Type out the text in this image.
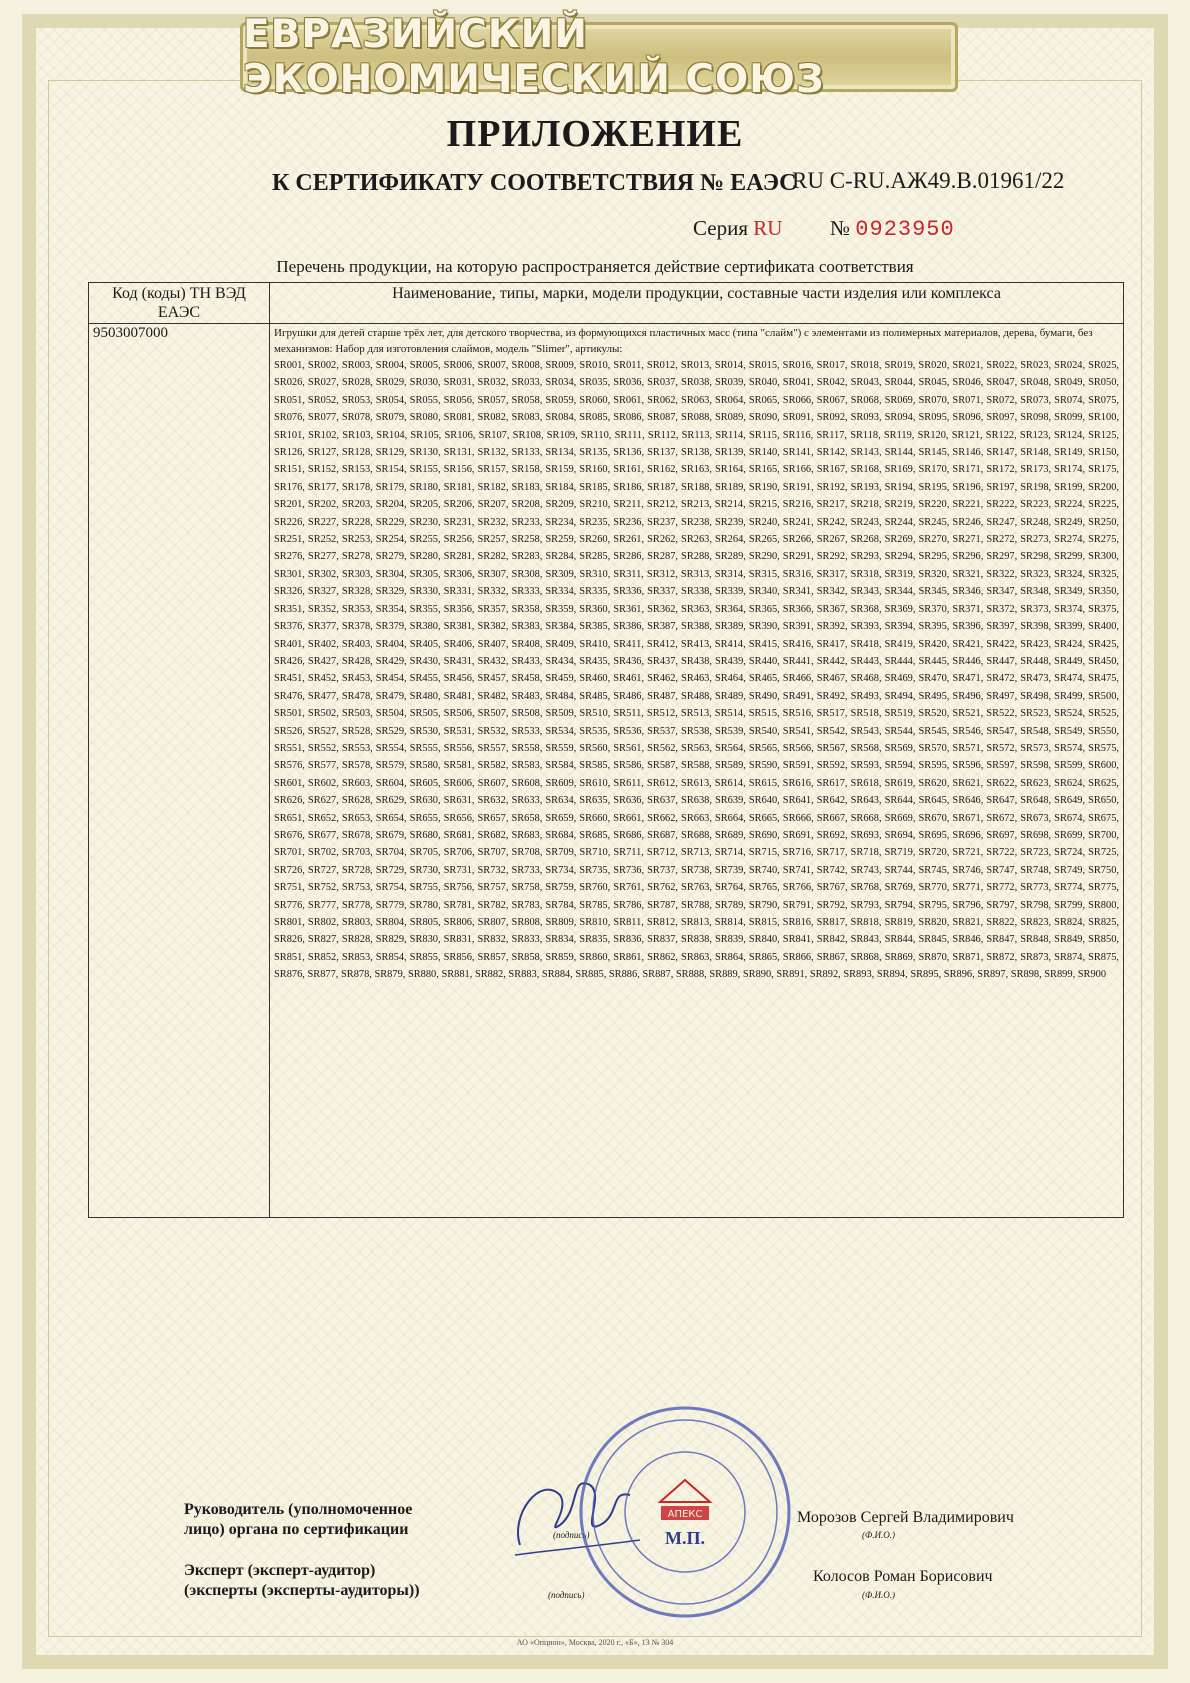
ЕВРАЗИЙСКИЙ ЭКОНОМИЧЕСКИЙ СОЮЗ
ПРИЛОЖЕНИЕ
К СЕРТИФИКАТУ СООТВЕТСТВИЯ № ЕАЭС
RU C-RU.АЖ49.В.01961/22
Серия RU № 0923950
Перечень продукции, на которую распространяется действие сертификата соответствия
Код (коды) ТН ВЭД ЕАЭС	Наименование, типы, марки, модели продукции, составные части изделия или комплекса
9503007000	Игрушки для детей старше трёх лет, для детского творчества, из формующихся пластичных масс (типа "слайм") с элементами из полимерных материалов, дерева, бумаги, без механизмов: Набор для изготовления слаймов, модель "Slimer", артикулы:
SR001, SR002, SR003, SR004, SR005, SR006, SR007, SR008, SR009, SR010, SR011, SR012, SR013, SR014, SR015, SR016, SR017, SR018, SR019, SR020, SR021, SR022, SR023, SR024, SR025, SR026, SR027, SR028, SR029, SR030, SR031, SR032, SR033, SR034, SR035, SR036, SR037, SR038, SR039, SR040, SR041, SR042, SR043, SR044, SR045, SR046, SR047, SR048, SR049, SR050, SR051, SR052, SR053, SR054, SR055, SR056, SR057, SR058, SR059, SR060, SR061, SR062, SR063, SR064, SR065, SR066, SR067, SR068, SR069, SR070, SR071, SR072, SR073, SR074, SR075, SR076, SR077, SR078, SR079, SR080, SR081, SR082, SR083, SR084, SR085, SR086, SR087, SR088, SR089, SR090, SR091, SR092, SR093, SR094, SR095, SR096, SR097, SR098, SR099, SR100, SR101, SR102, SR103, SR104, SR105, SR106, SR107, SR108, SR109, SR110, SR111, SR112, SR113, SR114, SR115, SR116, SR117, SR118, SR119, SR120, SR121, SR122, SR123, SR124, SR125, SR126, SR127, SR128, SR129, SR130, SR131, SR132, SR133, SR134, SR135, SR136, SR137, SR138, SR139, SR140, SR141, SR142, SR143, SR144, SR145, SR146, SR147, SR148, SR149, SR150, SR151, SR152, SR153, SR154, SR155, SR156, SR157, SR158, SR159, SR160, SR161, SR162, SR163, SR164, SR165, SR166, SR167, SR168, SR169, SR170, SR171, SR172, SR173, SR174, SR175, SR176, SR177, SR178, SR179, SR180, SR181, SR182, SR183, SR184, SR185, SR186, SR187, SR188, SR189, SR190, SR191, SR192, SR193, SR194, SR195, SR196, SR197, SR198, SR199, SR200, SR201, SR202, SR203, SR204, SR205, SR206, SR207, SR208, SR209, SR210, SR211, SR212, SR213, SR214, SR215, SR216, SR217, SR218, SR219, SR220, SR221, SR222, SR223, SR224, SR225, SR226, SR227, SR228, SR229, SR230, SR231, SR232, SR233, SR234, SR235, SR236, SR237, SR238, SR239, SR240, SR241, SR242, SR243, SR244, SR245, SR246, SR247, SR248, SR249, SR250, SR251, SR252, SR253, SR254, SR255, SR256, SR257, SR258, SR259, SR260, SR261, SR262, SR263, SR264, SR265, SR266, SR267, SR268, SR269, SR270, SR271, SR272, SR273, SR274, SR275, SR276, SR277, SR278, SR279, SR280, SR281, SR282, SR283, SR284, SR285, SR286, SR287, SR288, SR289, SR290, SR291, SR292, SR293, SR294, SR295, SR296, SR297, SR298, SR299, SR300, SR301, SR302, SR303, SR304, SR305, SR306, SR307, SR308, SR309, SR310, SR311, SR312, SR313, SR314, SR315, SR316, SR317, SR318, SR319, SR320, SR321, SR322, SR323, SR324, SR325, SR326, SR327, SR328, SR329, SR330, SR331, SR332, SR333, SR334, SR335, SR336, SR337, SR338, SR339, SR340, SR341, SR342, SR343, SR344, SR345, SR346, SR347, SR348, SR349, SR350, SR351, SR352, SR353, SR354, SR355, SR356, SR357, SR358, SR359, SR360, SR361, SR362, SR363, SR364, SR365, SR366, SR367, SR368, SR369, SR370, SR371, SR372, SR373, SR374, SR375, SR376, SR377, SR378, SR379, SR380, SR381, SR382, SR383, SR384, SR385, SR386, SR387, SR388, SR389, SR390, SR391, SR392, SR393, SR394, SR395, SR396, SR397, SR398, SR399, SR400, SR401, SR402, SR403, SR404, SR405, SR406, SR407, SR408, SR409, SR410, SR411, SR412, SR413, SR414, SR415, SR416, SR417, SR418, SR419, SR420, SR421, SR422, SR423, SR424, SR425, SR426, SR427, SR428, SR429, SR430, SR431, SR432, SR433, SR434, SR435, SR436, SR437, SR438, SR439, SR440, SR441, SR442, SR443, SR444, SR445, SR446, SR447, SR448, SR449, SR450, SR451, SR452, SR453, SR454, SR455, SR456, SR457, SR458, SR459, SR460, SR461, SR462, SR463, SR464, SR465, SR466, SR467, SR468, SR469, SR470, SR471, SR472, SR473, SR474, SR475, SR476, SR477, SR478, SR479, SR480, SR481, SR482, SR483, SR484, SR485, SR486, SR487, SR488, SR489, SR490, SR491, SR492, SR493, SR494, SR495, SR496, SR497, SR498, SR499, SR500, SR501, SR502, SR503, SR504, SR505, SR506, SR507, SR508, SR509, SR510, SR511, SR512, SR513, SR514, SR515, SR516, SR517, SR518, SR519, SR520, SR521, SR522, SR523, SR524, SR525, SR526, SR527, SR528, SR529, SR530, SR531, SR532, SR533, SR534, SR535, SR536, SR537, SR538, SR539, SR540, SR541, SR542, SR543, SR544, SR545, SR546, SR547, SR548, SR549, SR550, SR551, SR552, SR553, SR554, SR555, SR556, SR557, SR558, SR559, SR560, SR561, SR562, SR563, SR564, SR565, SR566, SR567, SR568, SR569, SR570, SR571, SR572, SR573, SR574, SR575, SR576, SR577, SR578, SR579, SR580, SR581, SR582, SR583, SR584, SR585, SR586, SR587, SR588, SR589, SR590, SR591, SR592, SR593, SR594, SR595, SR596, SR597, SR598, SR599, SR600, SR601, SR602, SR603, SR604, SR605, SR606, SR607, SR608, SR609, SR610, SR611, SR612, SR613, SR614, SR615, SR616, SR617, SR618, SR619, SR620, SR621, SR622, SR623, SR624, SR625, SR626, SR627, SR628, SR629, SR630, SR631, SR632, SR633, SR634, SR635, SR636, SR637, SR638, SR639, SR640, SR641, SR642, SR643, SR644, SR645, SR646, SR647, SR648, SR649, SR650, SR651, SR652, SR653, SR654, SR655, SR656, SR657, SR658, SR659, SR660, SR661, SR662, SR663, SR664, SR665, SR666, SR667, SR668, SR669, SR670, SR671, SR672, SR673, SR674, SR675, SR676, SR677, SR678, SR679, SR680, SR681, SR682, SR683, SR684, SR685, SR686, SR687, SR688, SR689, SR690, SR691, SR692, SR693, SR694, SR695, SR696, SR697, SR698, SR699, SR700, SR701, SR702, SR703, SR704, SR705, SR706, SR707, SR708, SR709, SR710, SR711, SR712, SR713, SR714, SR715, SR716, SR717, SR718, SR719, SR720, SR721, SR722, SR723, SR724, SR725, SR726, SR727, SR728, SR729, SR730, SR731, SR732, SR733, SR734, SR735, SR736, SR737, SR738, SR739, SR740, SR741, SR742, SR743, SR744, SR745, SR746, SR747, SR748, SR749, SR750, SR751, SR752, SR753, SR754, SR755, SR756, SR757, SR758, SR759, SR760, SR761, SR762, SR763, SR764, SR765, SR766, SR767, SR768, SR769, SR770, SR771, SR772, SR773, SR774, SR775, SR776, SR777, SR778, SR779, SR780, SR781, SR782, SR783, SR784, SR785, SR786, SR787, SR788, SR789, SR790, SR791, SR792, SR793, SR794, SR795, SR796, SR797, SR798, SR799, SR800, SR801, SR802, SR803, SR804, SR805, SR806, SR807, SR808, SR809, SR810, SR811, SR812, SR813, SR814, SR815, SR816, SR817, SR818, SR819, SR820, SR821, SR822, SR823, SR824, SR825, SR826, SR827, SR828, SR829, SR830, SR831, SR832, SR833, SR834, SR835, SR836, SR837, SR838, SR839, SR840, SR841, SR842, SR843, SR844, SR845, SR846, SR847, SR848, SR849, SR850, SR851, SR852, SR853, SR854, SR855, SR856, SR857, SR858, SR859, SR860, SR861, SR862, SR863, SR864, SR865, SR866, SR867, SR868, SR869, SR870, SR871, SR872, SR873, SR874, SR875, SR876, SR877, SR878, SR879, SR880, SR881, SR882, SR883, SR884, SR885, SR886, SR887, SR888, SR889, SR890, SR891, SR892, SR893, SR894, SR895, SR896, SR897, SR898, SR899, SR900
Руководитель (уполномоченное
лицо) органа по сертификации
Эксперт (эксперт-аудитор)
(эксперты (эксперты-аудиторы))
(подпись)
(подпись)
АПЕКС
М.П.
Морозов Сергей Владимирович
(Ф.И.О.)
Колосов Роман Борисович
(Ф.И.О.)
АО «Опцион», Москва, 2020 г., «Б», 13 № 304
